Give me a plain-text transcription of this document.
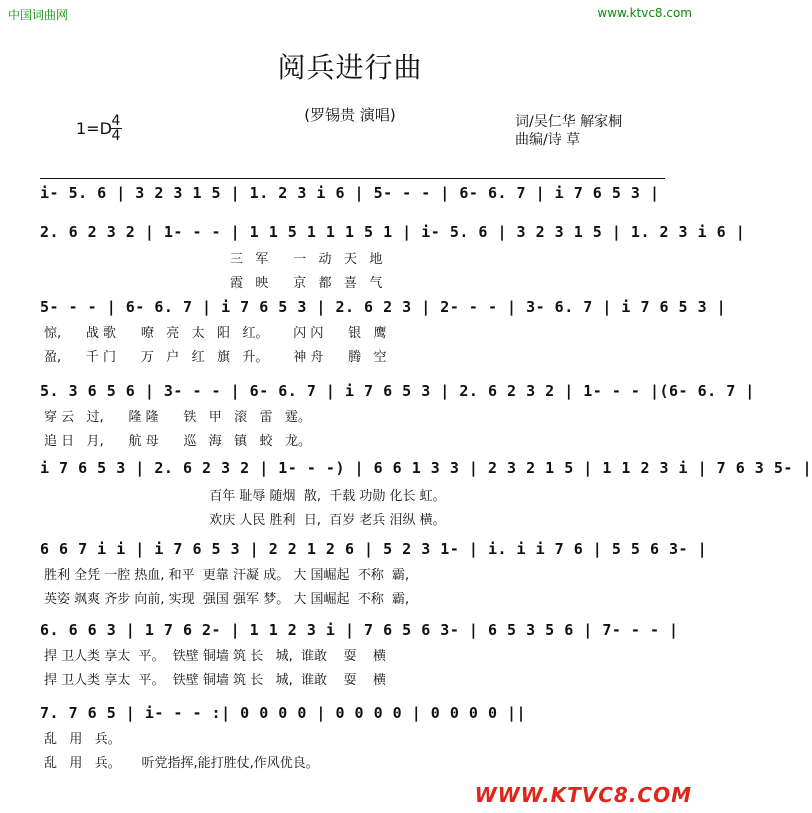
中国词曲网	www.ktvc8.com
阅兵进行曲
(罗锡贵 演唱)
1=D 4
4
词/吴仁华 解家桐
曲编/诗 草
i- 5. 6 | 3 2 3 1 5 | 1. 2 3 i 6 | 5- - - | 6- 6. 7 | i 7 6 5 3 |
2. 6 2 3 2 | 1- - - | 1 1 5 1 1 1 5 1 | i- 5. 6 | 3 2 3 1 5 | 1. 2 3 i 6 |
三   军      一   动   天   地
霞   映      京   都   喜   气
5- - - | 6- 6. 7 | i 7 6 5 3 | 2. 6 2 3 | 2- - - | 3- 6. 7 | i 7 6 5 3 |
惊,      战 歌      嘹   亮   太   阳   红。      闪 闪      银   鹰
盈,      千 门      万   户   红   旗   升。      神 舟      腾   空
5. 3 6 5 6 | 3- - - | 6- 6. 7 | i 7 6 5 3 | 2. 6 2 3 2 | 1- - - |(6- 6. 7 |
穿 云   过,      隆 隆      铁   甲   滚   雷   霆。
追 日   月,      航 母      巡   海   镇   蛟   龙。
i 7 6 5 3 | 2. 6 2 3 2 | 1- - -) | 6 6 1 3 3 | 2 3 2 1 5 | 1 1 2 3 i | 7 6 3 5- |
百年 耻辱 随烟  散,  千载 功勋 化长 虹。
欢庆 人民 胜利  日,  百岁 老兵 泪纵 横。
6 6 7 i i | i 7 6 5 3 | 2 2 1 2 6 | 5 2 3 1- | i. i i 7 6 | 5 5 6 3- |
胜利 全凭 一腔 热血, 和平  更靠 汗凝 成。 大 国崛起  不称  霸,
英姿 飒爽 齐步 向前, 实现  强国 强军 梦。 大 国崛起  不称  霸,
6. 6 6 3 | 1 7 6 2- | 1 1 2 3 i | 7 6 5 6 3- | 6 5 3 5 6 | 7- - - |
捍 卫人类 享太  平。  铁壁 铜墙 筑 长   城,  谁敢    耍    横
捍 卫人类 享太  平。  铁壁 铜墙 筑 长   城,  谁敢    耍    横
7. 7 6 5 | i- - - :| 0 0 0 0 | 0 0 0 0 | 0 0 0 0 ||
乱   用   兵。
乱   用   兵。     听党指挥,能打胜仗,作风优良。
WWW.KTVC8.COM
